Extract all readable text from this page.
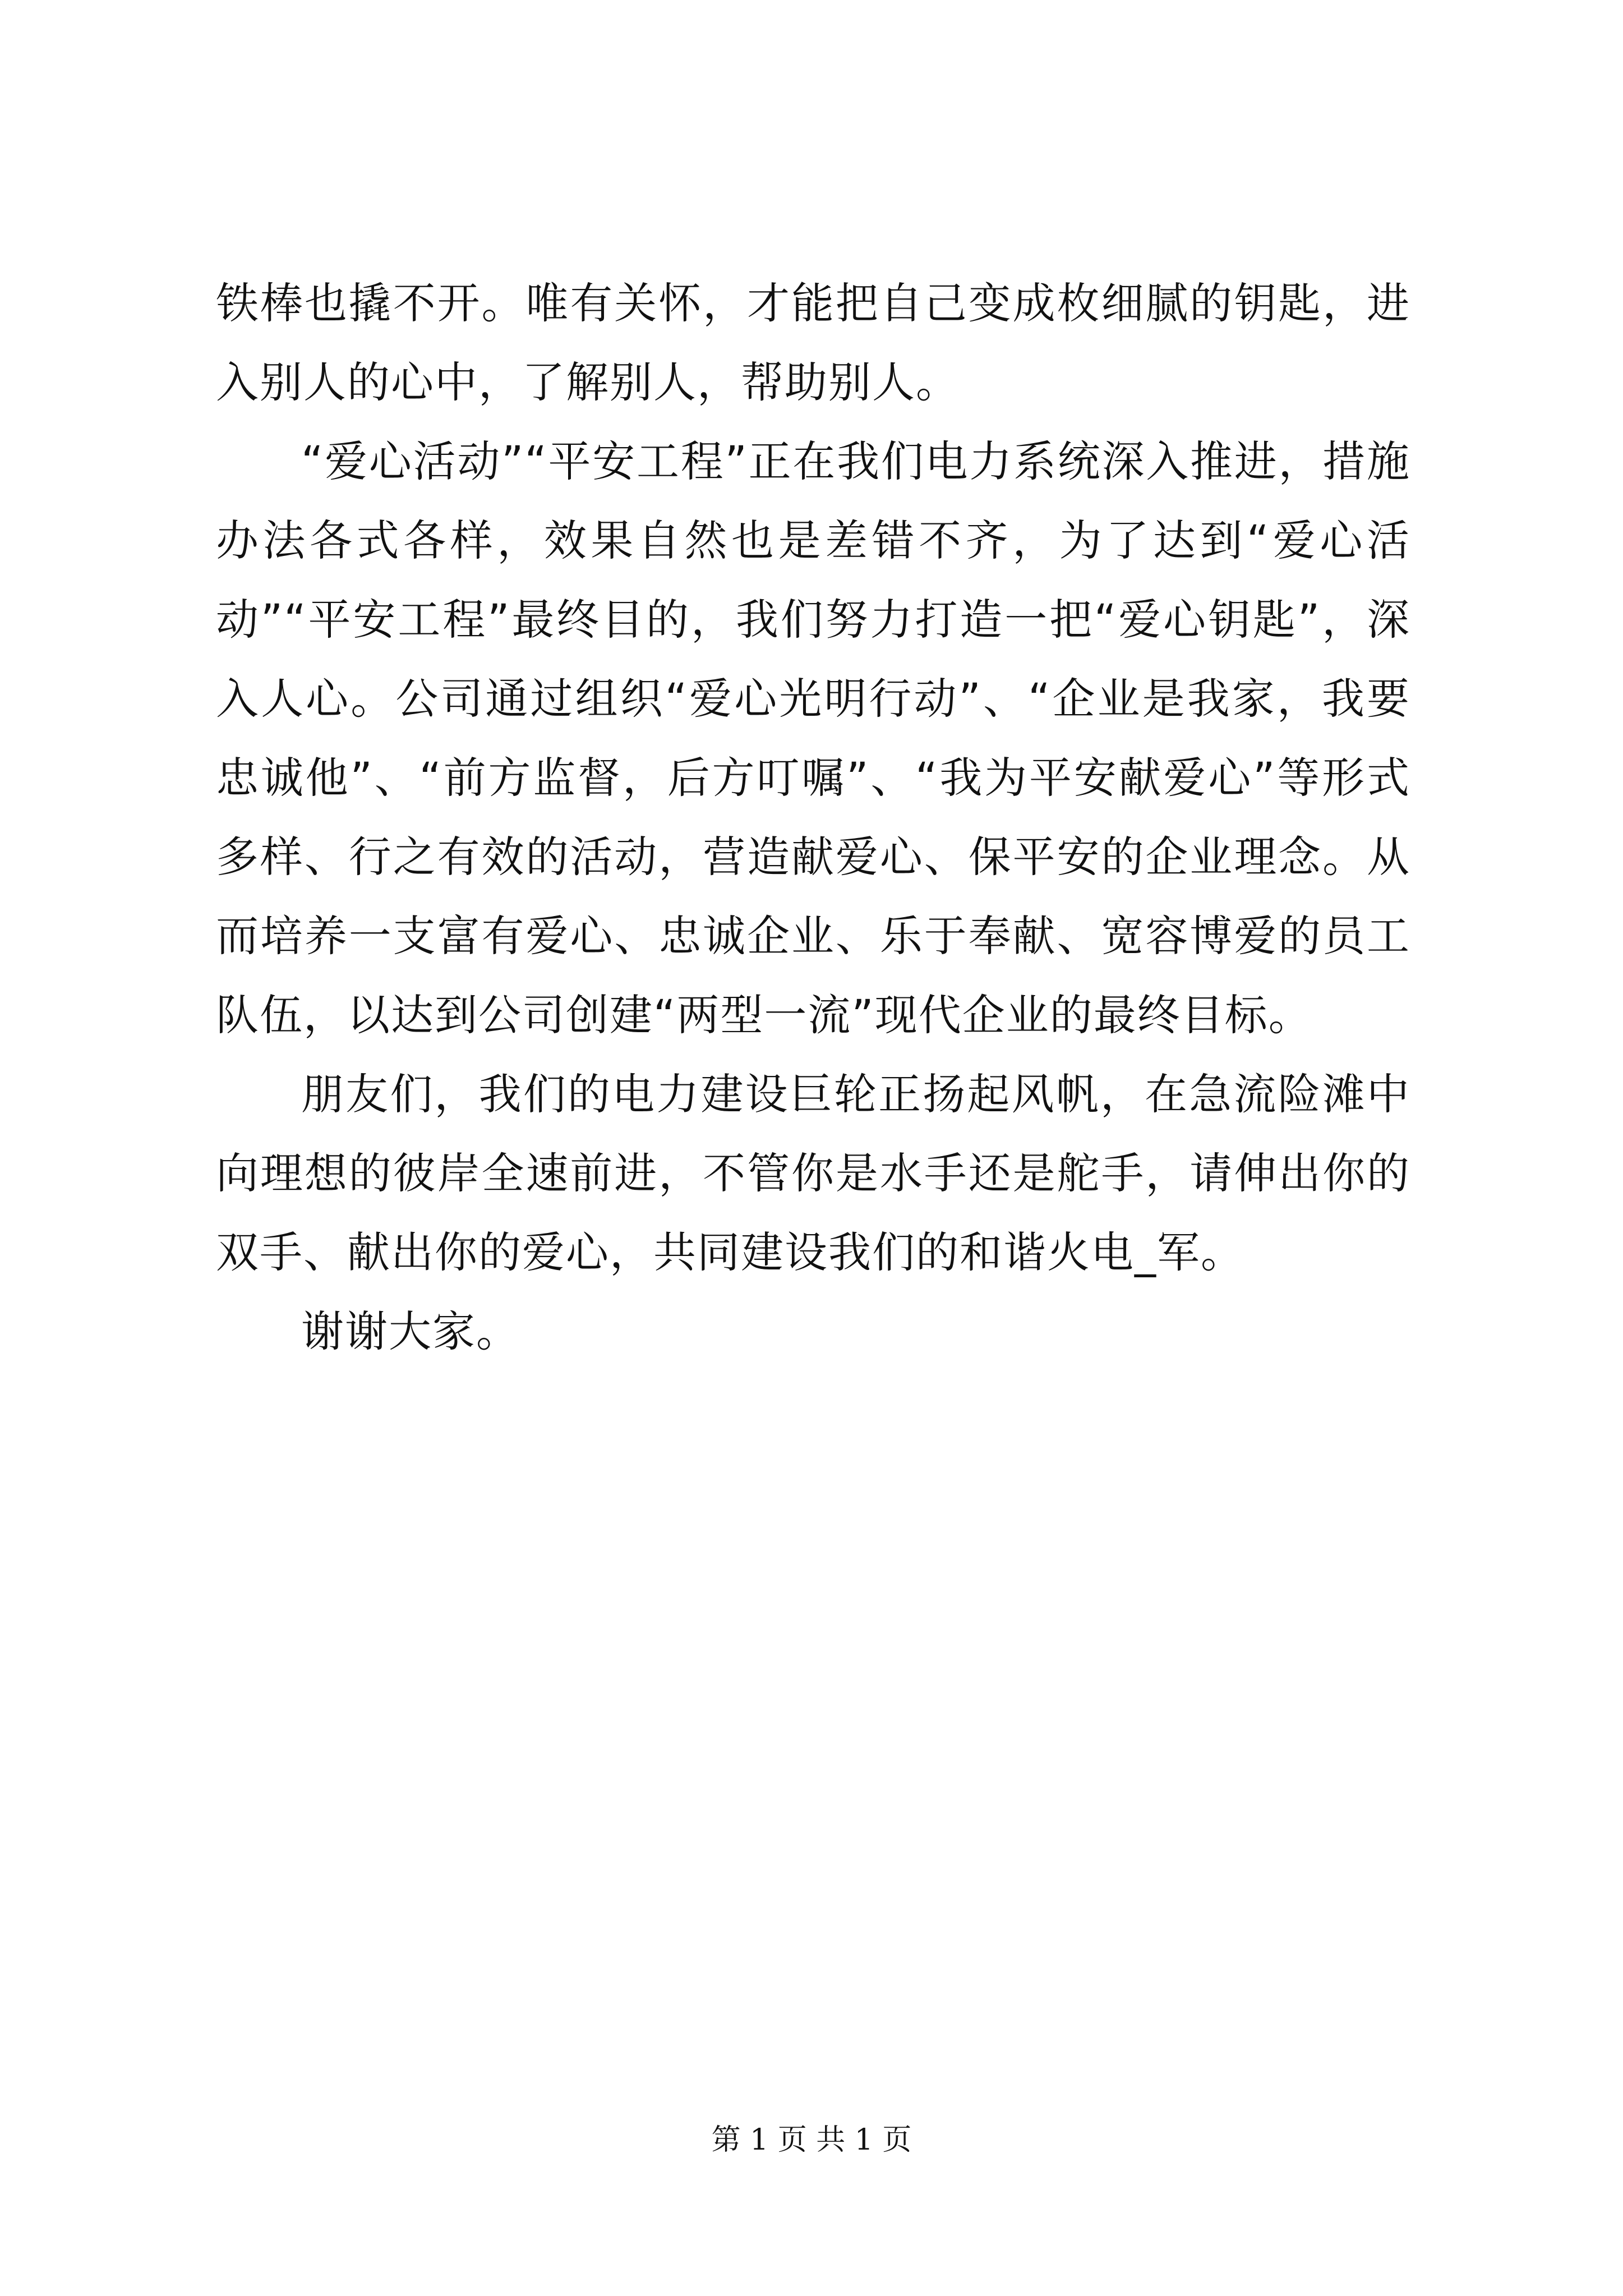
铁棒也撬不开。唯有关怀，才能把自己变成枚细腻的钥匙，进入别人的心中，了解别人，帮助别人。

“爱心活动”“平安工程”正在我们电力系统深入推进，措施办法各式各样，效果自然也是差错不齐，为了达到“爱心活动”“平安工程”最终目的，我们努力打造一把“爱心钥匙”，深入人心。公司通过组织“爱心光明行动”、“企业是我家，我要忠诚他”、“前方监督，后方叮嘱”、“我为平安献爱心”等形式多样、行之有效的活动，营造献爱心、保平安的企业理念。从而培养一支富有爱心、忠诚企业、乐于奉献、宽容博爱的员工队伍，以达到公司创建“两型一流”现代企业的最终目标。

朋友们，我们的电力建设巨轮正扬起风帆，在急流险滩中向理想的彼岸全速前进，不管你是水手还是舵手，请伸出你的双手、献出你的爱心，共同建设我们的和谐火电_军。

谢谢大家。

第 1 页 共 1 页
